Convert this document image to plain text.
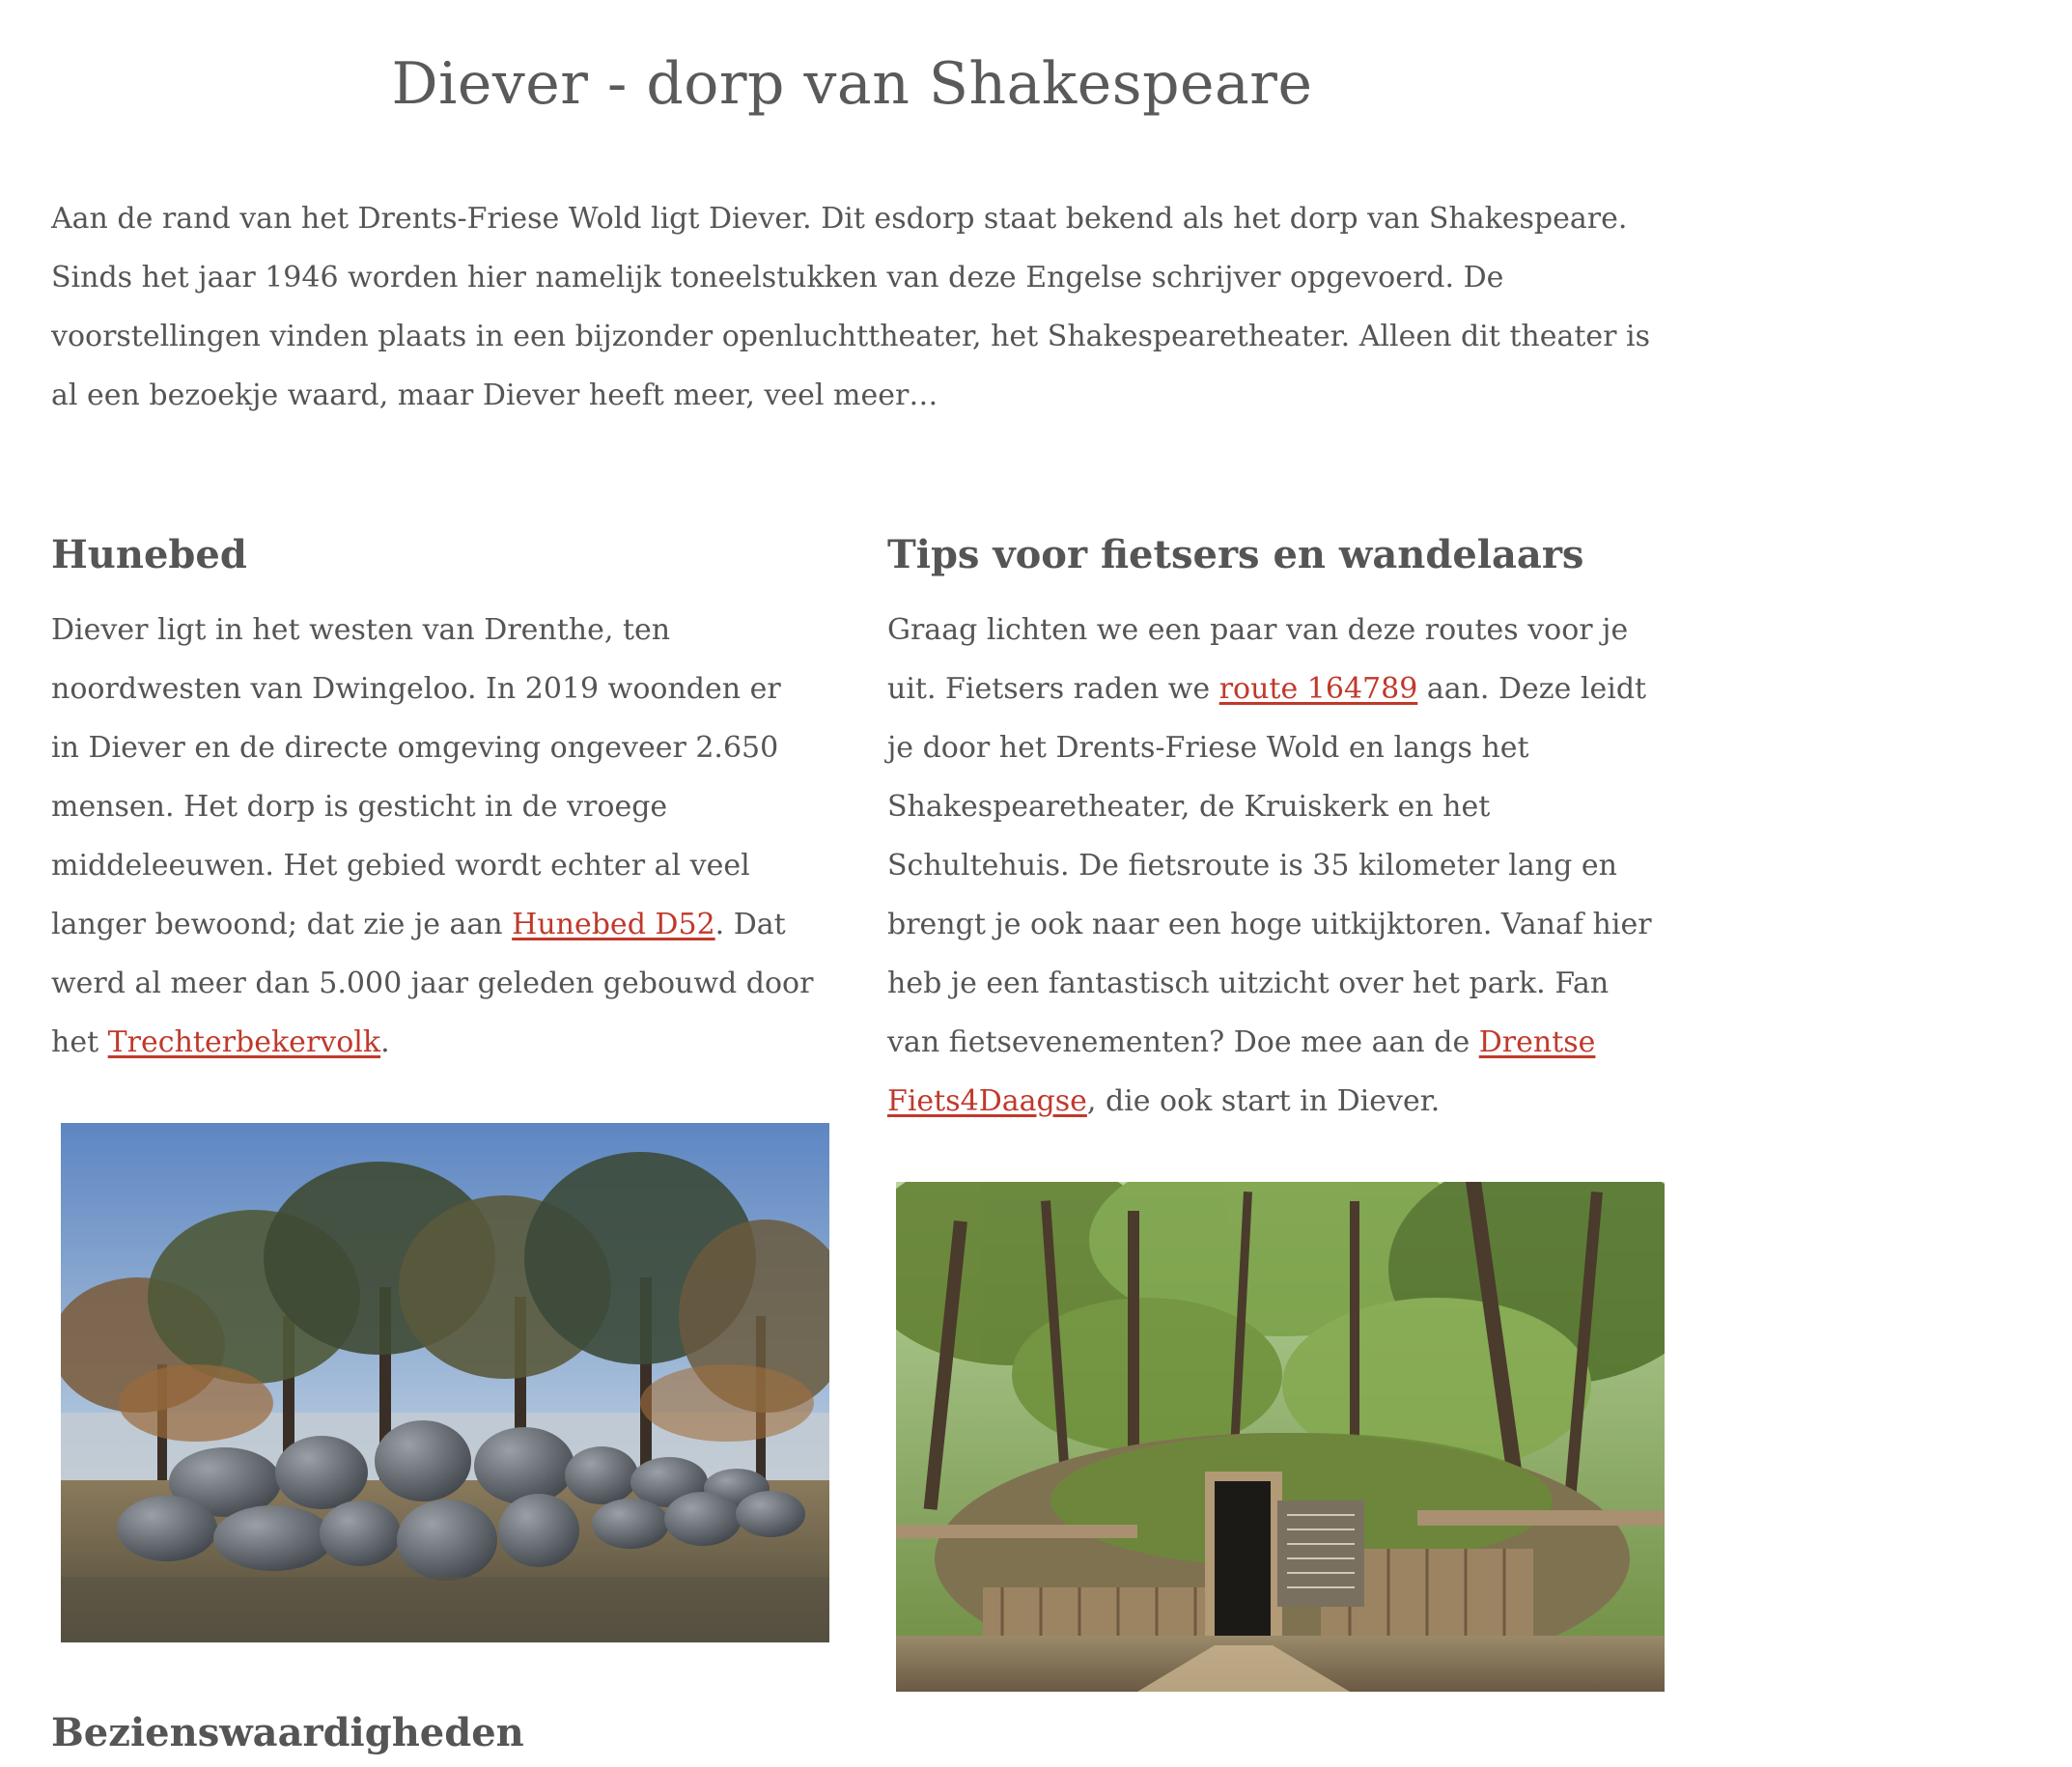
Diever - dorp van Shakespeare

Aan de rand van het Drents-Friese Wold ligt Diever. Dit esdorp staat bekend als het dorp van Shakespeare. Sinds het jaar 1946 worden hier namelijk toneelstukken van deze Engelse schrijver opgevoerd. De voorstellingen vinden plaats in een bijzonder openluchttheater, het Shakespearetheater. Alleen dit theater is al een bezoekje waard, maar Diever heeft meer, veel meer…

Hunebed

Diever ligt in het westen van Drenthe, ten noordwesten van Dwingeloo. In 2019 woonden er in Diever en de directe omgeving ongeveer 2.650 mensen. Het dorp is gesticht in de vroege middeleeuwen. Het gebied wordt echter al veel langer bewoond; dat zie je aan Hunebed D52. Dat werd al meer dan 5.000 jaar geleden gebouwd door het Trechterbekervolk.

Tips voor fietsers en wandelaars

Graag lichten we een paar van deze routes voor je uit. Fietsers raden we route 164789 aan. Deze leidt je door het Drents-Friese Wold en langs het Shakespearetheater, de Kruiskerk en het Schultehuis. De fietsroute is 35 kilometer lang en brengt je ook naar een hoge uitkijktoren. Vanaf hier heb je een fantastisch uitzicht over het park. Fan van fietsevenementen? Doe mee aan de Drentse Fiets4Daagse, die ook start in Diever.

Bezienswaardigheden
